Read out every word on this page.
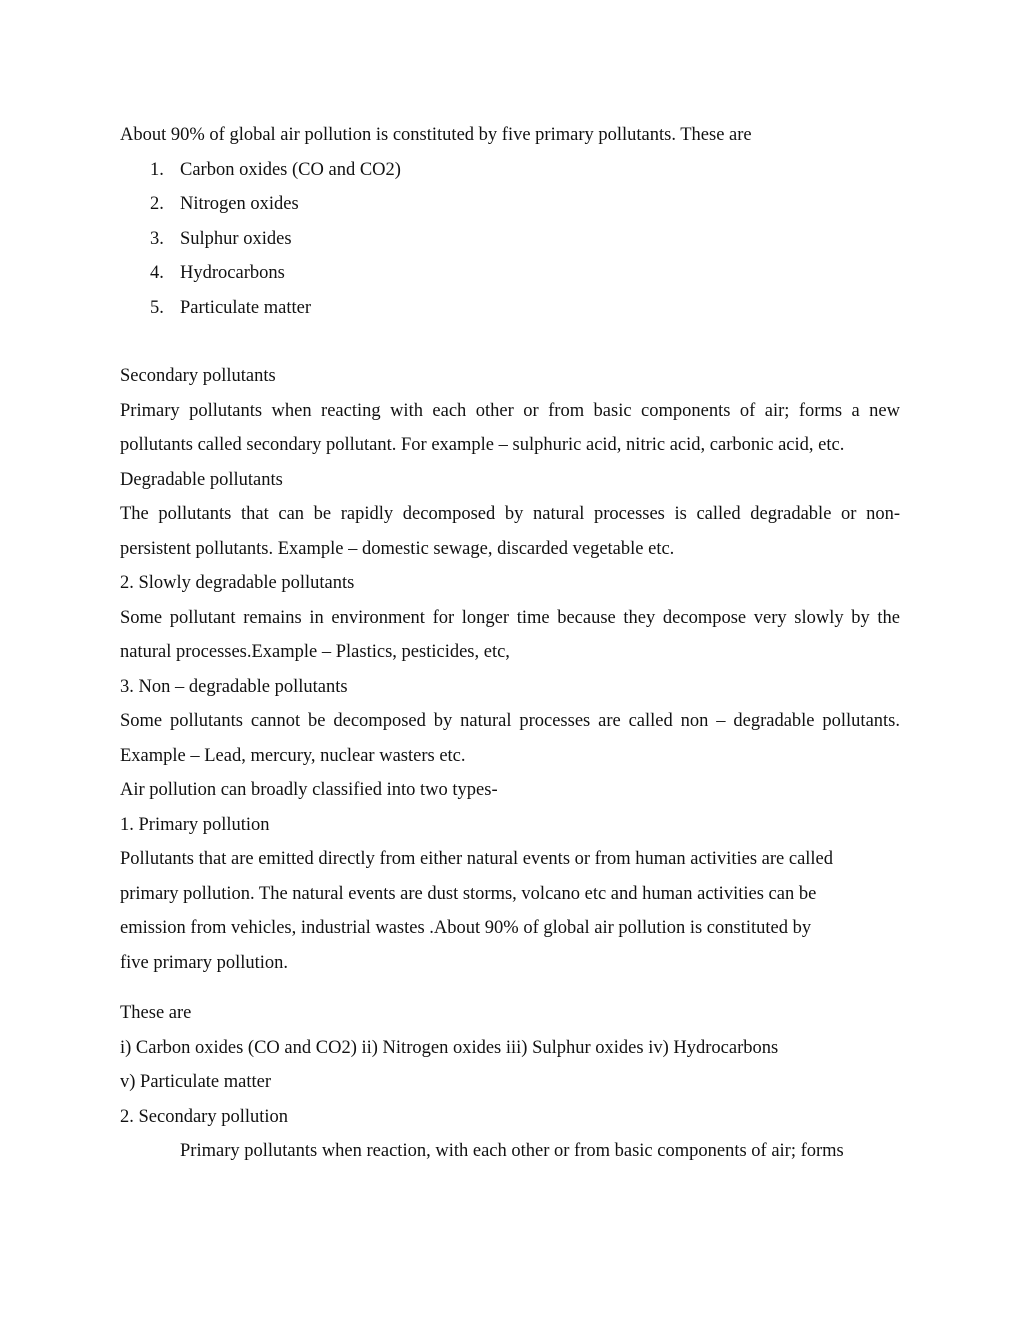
About 90% of global air pollution is constituted by five primary pollutants. These are

1. Carbon oxides (CO and CO2)
2. Nitrogen oxides
3. Sulphur oxides
4. Hydrocarbons
5. Particulate matter

Secondary pollutants

Primary pollutants when reacting with each other or from basic components of air; forms a new pollutants called secondary pollutant. For example – sulphuric acid, nitric acid, carbonic acid, etc.

Degradable pollutants

The pollutants that can be rapidly decomposed by natural processes is called degradable or non-persistent pollutants. Example – domestic sewage, discarded vegetable etc.

2. Slowly degradable pollutants

Some pollutant remains in environment for longer time because they decompose very slowly by the natural processes.Example – Plastics, pesticides, etc,

3. Non – degradable pollutants

Some pollutants cannot be decomposed by natural processes are called non – degradable pollutants. Example – Lead, mercury, nuclear wasters etc.

Air pollution can broadly classified into two types-

1. Primary pollution

Pollutants that are emitted directly from either natural events or from human activities are called

primary pollution. The natural events are dust storms, volcano etc and human activities can be

emission from vehicles, industrial wastes .About 90% of global air pollution is constituted by

five primary pollution.

These are

i) Carbon oxides (CO and CO2) ii) Nitrogen oxides iii) Sulphur oxides iv) Hydrocarbons

v) Particulate matter

2. Secondary pollution

Primary pollutants when reaction, with each other or from basic components of air; forms
